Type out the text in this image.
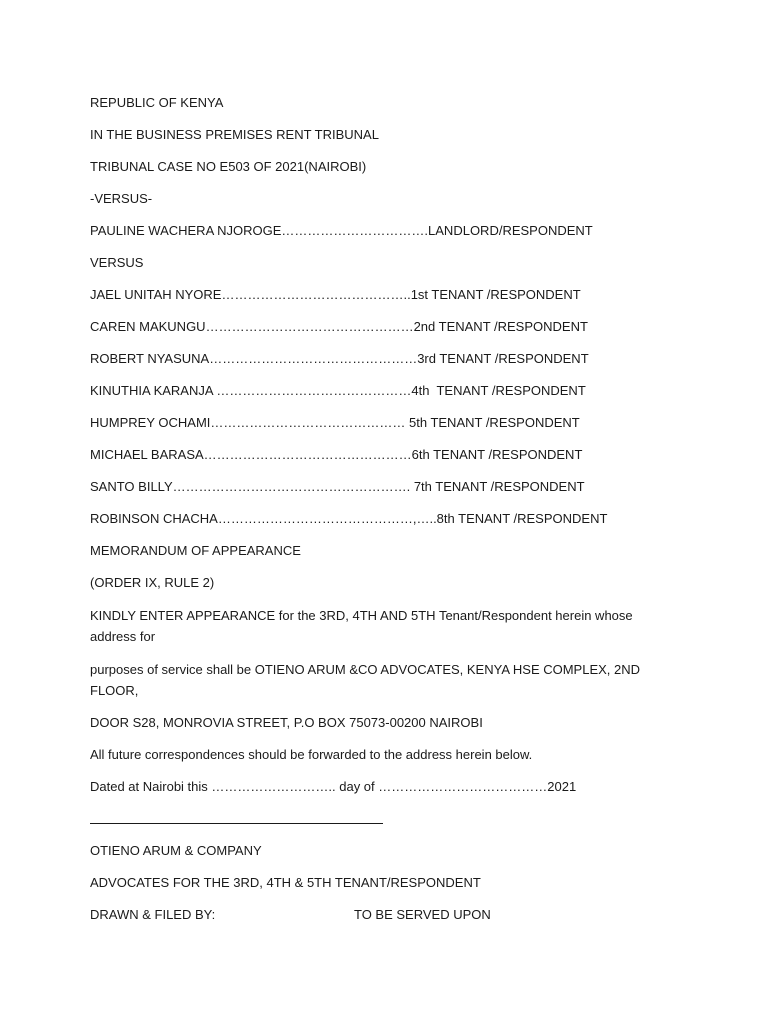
REPUBLIC OF KENYA
IN THE BUSINESS PREMISES RENT TRIBUNAL
TRIBUNAL CASE NO E503 OF 2021(NAIROBI)
-VERSUS-
PAULINE WACHERA NJOROGE…………………………….LANDLORD/RESPONDENT
VERSUS
JAEL UNITAH NYORE……………………………………..1st TENANT /RESPONDENT
CAREN MAKUNGU…………………………………………2nd TENANT /RESPONDENT
ROBERT NYASUNA…………………………………………3rd TENANT /RESPONDENT
KINUTHIA KARANJA ………………………………………4th  TENANT /RESPONDENT
HUMPREY OCHAMI……………………………………… 5th TENANT /RESPONDENT
MICHAEL BARASA…………………………………………6th TENANT /RESPONDENT
SANTO BILLY………………………………………………. 7th TENANT /RESPONDENT
ROBINSON CHACHA………………………………………,…..8th TENANT /RESPONDENT
MEMORANDUM OF APPEARANCE
(ORDER IX, RULE 2)
KINDLY ENTER APPEARANCE for the 3RD, 4TH AND 5TH Tenant/Respondent herein whose address for
purposes of service shall be OTIENO ARUM &CO ADVOCATES, KENYA HSE COMPLEX, 2ND FLOOR,
DOOR S28, MONROVIA STREET, P.O BOX 75073-00200 NAIROBI
All future correspondences should be forwarded to the address herein below.
Dated at Nairobi this ……………………….. day of …………………………………2021
OTIENO ARUM & COMPANY
ADVOCATES FOR THE 3RD, 4TH & 5TH TENANT/RESPONDENT
DRAWN & FILED BY:	TO BE SERVED UPON
